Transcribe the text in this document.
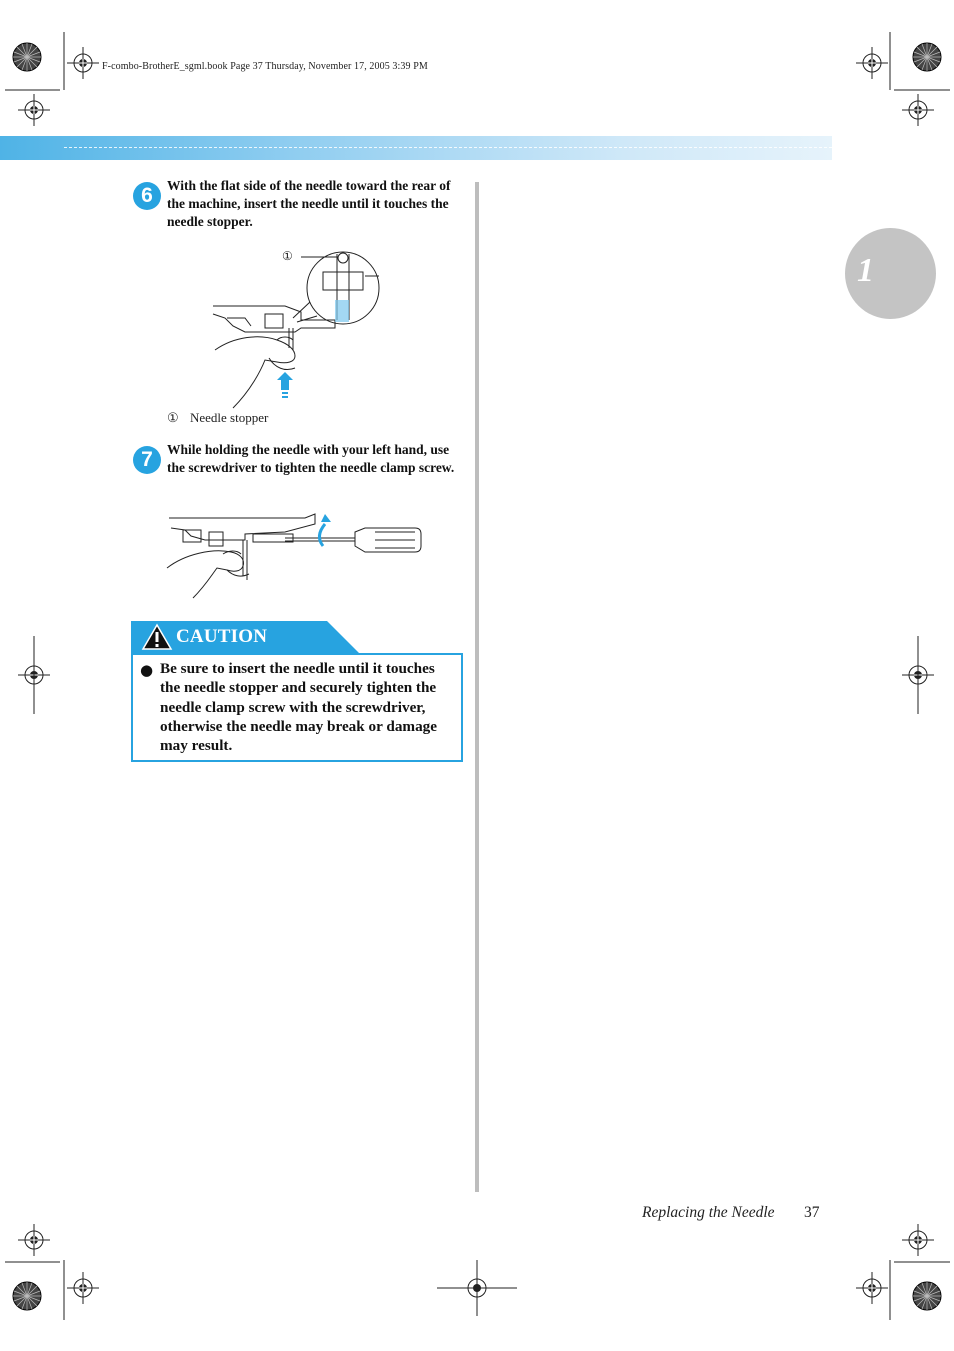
F-combo-BrotherE_sgml.book Page 37 Thursday, November 17, 2005 3:39 PM
1
6	With the flat side of the needle toward the rear of the machine, insert the needle until it touches the needle stopper.
①
① Needle stopper
7	While holding the needle with your left hand, use the screwdriver to tighten the needle clamp screw.
CAUTION
● Be sure to insert the needle until it touches the needle stopper and securely tighten the needle clamp screw with the screwdriver, otherwise the needle may break or damage may result.
Replacing the Needle 37
